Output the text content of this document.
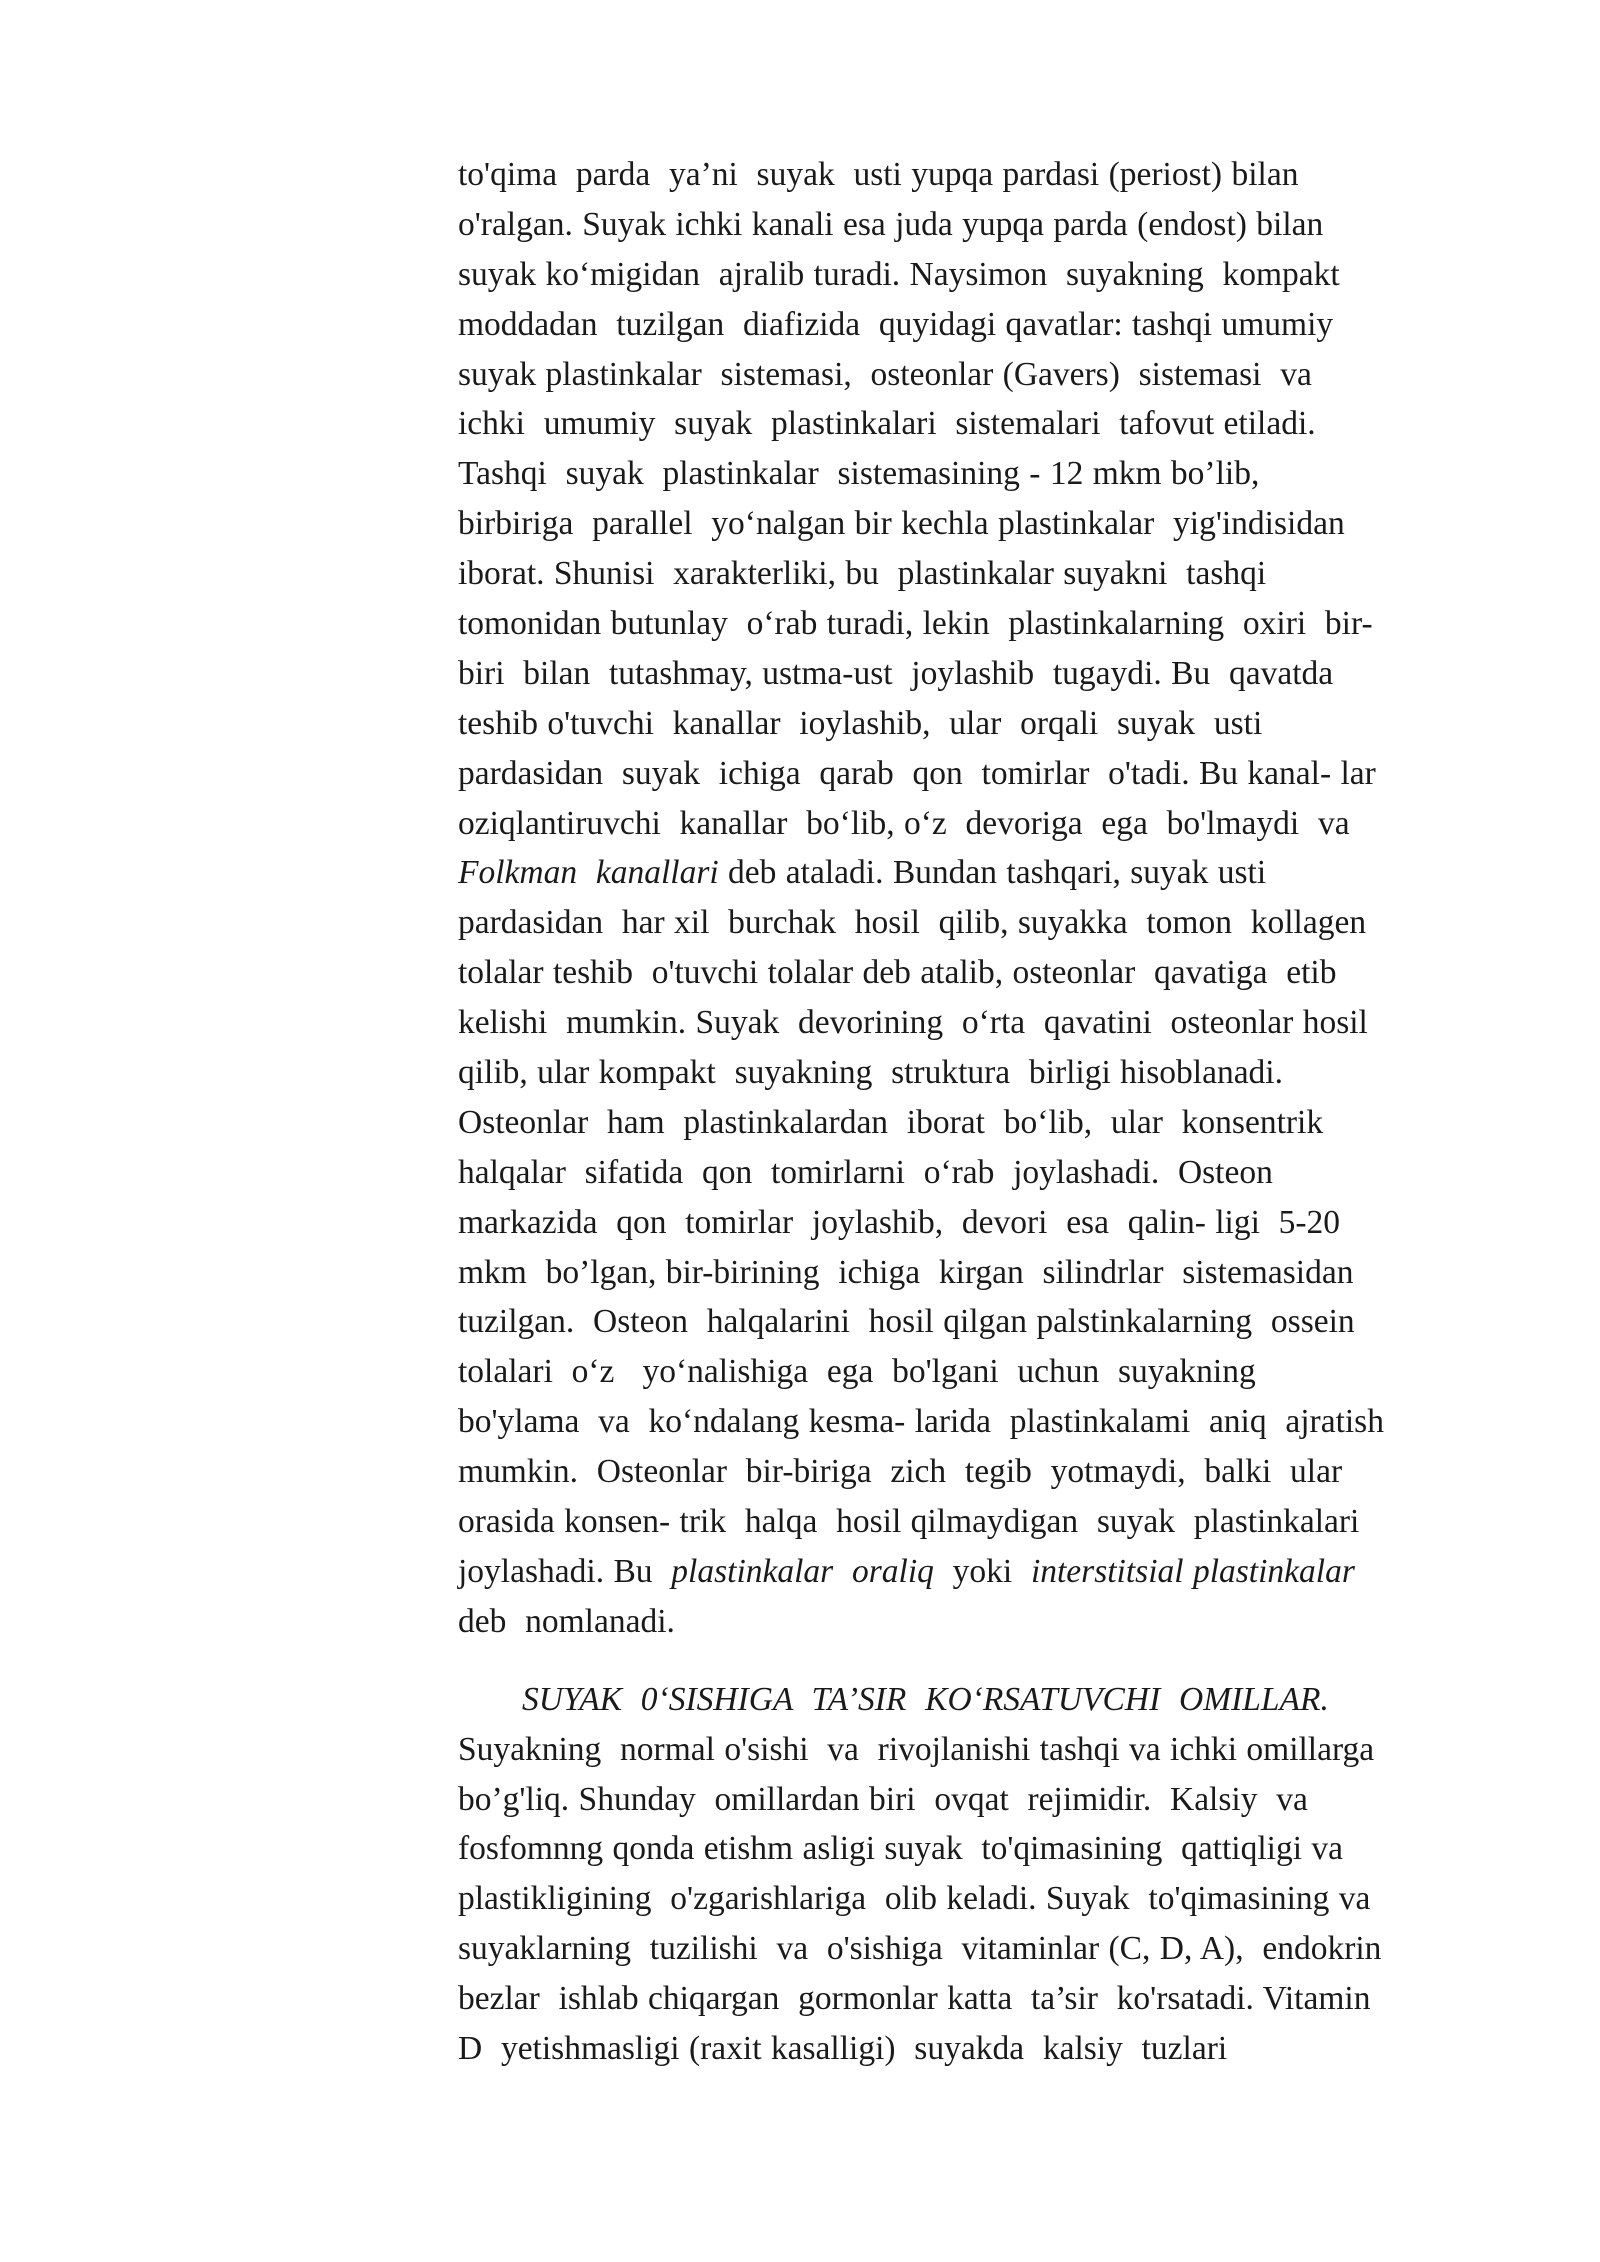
to'qima  parda  ya’ni  suyak  usti yupqa pardasi (periost) bilan
o'ralgan. Suyak ichki kanali esa juda yupqa parda (endost) bilan
suyak ko‘migidan  ajralib turadi. Naysimon  suyakning  kompakt
moddadan  tuzilgan  diafizida  quyidagi qavatlar: tashqi umumiy
suyak plastinkalar  sistemasi,  osteonlar (Gavers)  sistemasi  va
ichki  umumiy  suyak  plastinkalari  sistemalari  tafovut etiladi.
Tashqi  suyak  plastinkalar  sistemasining - 12 mkm bo’lib,
birbiriga  parallel  yo‘nalgan bir kechla plastinkalar  yig'indisidan
iborat. Shunisi  xarakterliki, bu  plastinkalar suyakni  tashqi
tomonidan butunlay  o‘rab turadi, lekin  plastinkalarning  oxiri  bir-
biri  bilan  tutashmay, ustma-ust  joylashib  tugaydi. Bu  qavatda
teshib o'tuvchi  kanallar  ioylashib,  ular  orqali  suyak  usti
pardasidan  suyak  ichiga  qarab  qon  tomirlar  o'tadi. Bu kanal- lar
oziqlantiruvchi  kanallar  bo‘lib, o‘z  devoriga  ega  bo'lmaydi  va
Folkman  kanallari deb ataladi. Bundan tashqari, suyak usti
pardasidan  har xil  burchak  hosil  qilib, suyakka  tomon  kollagen
tolalar teshib  o'tuvchi tolalar deb atalib, osteonlar  qavatiga  etib
kelishi  mumkin. Suyak  devorining  o‘rta  qavatini  osteonlar hosil
qilib, ular kompakt  suyakning  struktura  birligi hisoblanadi.
Osteonlar  ham  plastinkalardan  iborat  bo‘lib,  ular  konsentrik
halqalar  sifatida  qon  tomirlarni  o‘rab  joylashadi.  Osteon
markazida  qon  tomirlar  joylashib,  devori  esa  qalin- ligi  5-20
mkm  bo’lgan, bir-birining  ichiga  kirgan  silindrlar  sistemasidan
tuzilgan.  Osteon  halqalarini  hosil qilgan palstinkalarning  ossein
tolalari  o‘z   yo‘nalishiga  ega  bo'lgani  uchun  suyakning
bo'ylama  va  ko‘ndalang kesma- larida  plastinkalami  aniq  ajratish
mumkin.  Osteonlar  bir-biriga  zich  tegib  yotmaydi,  balki  ular
orasida konsen- trik  halqa  hosil qilmaydigan  suyak  plastinkalari
joylashadi. Bu  plastinkalar  oraliq  yoki  interstitsial plastinkalar
deb  nomlanadi.
SUYAK  0‘SISHIGA  TA’SIR  KO‘RSATUVCHI  OMILLAR.
Suyakning  normal o'sishi  va  rivojlanishi tashqi va ichki omillarga
bo’g'liq. Shunday  omillardan biri  ovqat  rejimidir.  Kalsiy  va
fosfomnng qonda etishm asligi suyak  to'qimasining  qattiqligi va
plastikligining  o'zgarishlariga  olib keladi. Suyak  to'qimasining va
suyaklarning  tuzilishi  va  o'sishiga  vitaminlar (C, D, A),  endokrin
bezlar  ishlab chiqargan  gormonlar katta  ta’sir  ko'rsatadi. Vitamin
D  yetishmasligi (raxit kasalligi)  suyakda  kalsiy  tuzlari
